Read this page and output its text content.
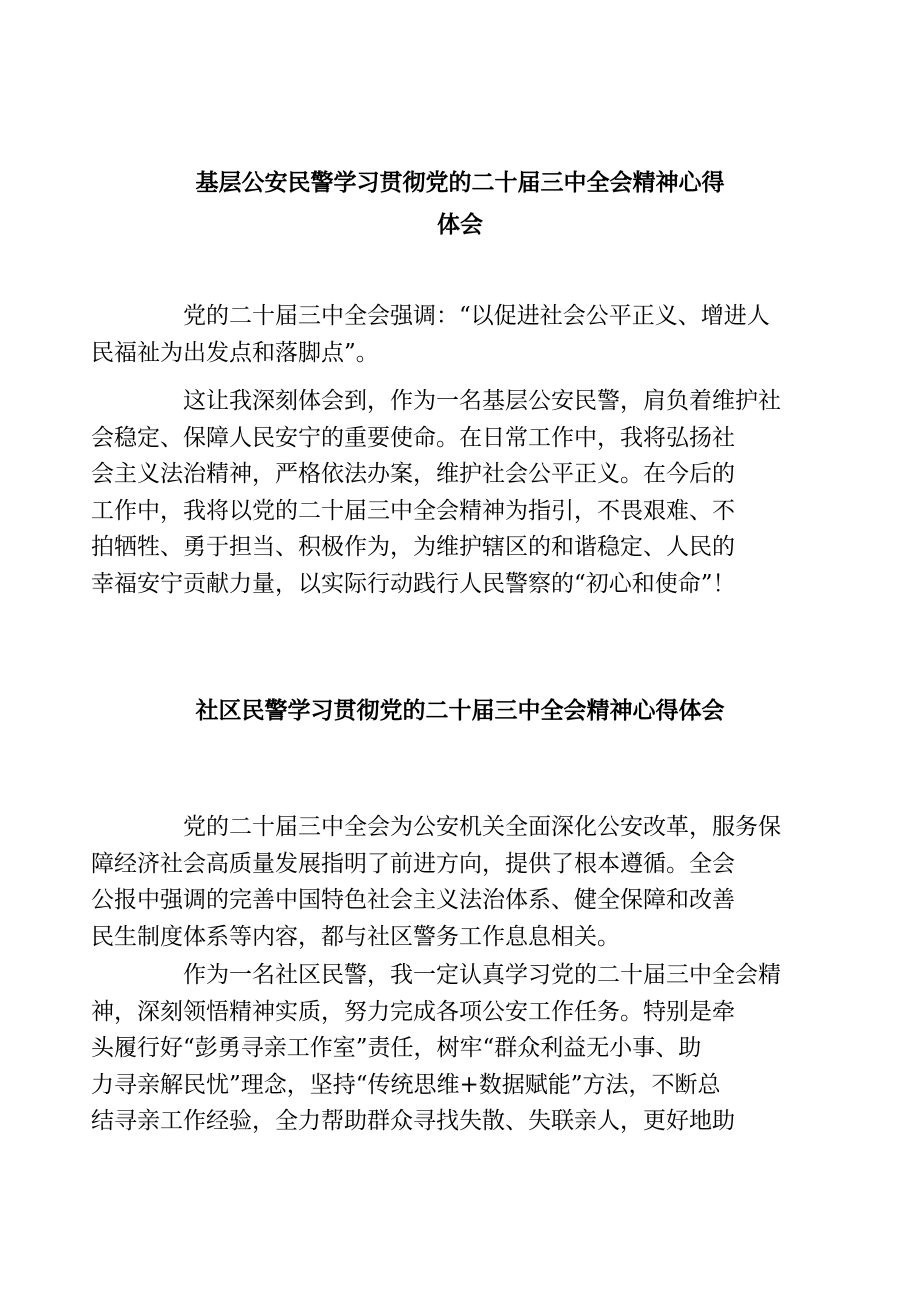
基层公安民警学习贯彻党的二十届三中全会精神心得
体会

党的二十届三中全会强调：“以促进社会公平正义、增进人
民福祉为出发点和落脚点”。

这让我深刻体会到，作为一名基层公安民警，肩负着维护社
会稳定、保障人民安宁的重要使命。在日常工作中，我将弘扬社
会主义法治精神，严格依法办案，维护社会公平正义。在今后的
工作中，我将以党的二十届三中全会精神为指引，不畏艰难、不
拍牺牲、勇于担当、积极作为，为维护辖区的和谐稳定、人民的
幸福安宁贡献力量，以实际行动践行人民警察的“初心和使命”！

社区民警学习贯彻党的二十届三中全会精神心得体会

党的二十届三中全会为公安机关全面深化公安改革，服务保
障经济社会高质量发展指明了前进方向，提供了根本遵循。全会
公报中强调的完善中国特色社会主义法治体系、健全保障和改善
民生制度体系等内容，都与社区警务工作息息相关。

作为一名社区民警，我一定认真学习党的二十届三中全会精
神，深刻领悟精神实质，努力完成各项公安工作任务。特别是牵
头履行好“彭勇寻亲工作室”责任，树牢“群众利益无小事、助
力寻亲解民忧”理念，坚持“传统思维+数据赋能”方法，不断总
结寻亲工作经验，全力帮助群众寻找失散、失联亲人，更好地助
